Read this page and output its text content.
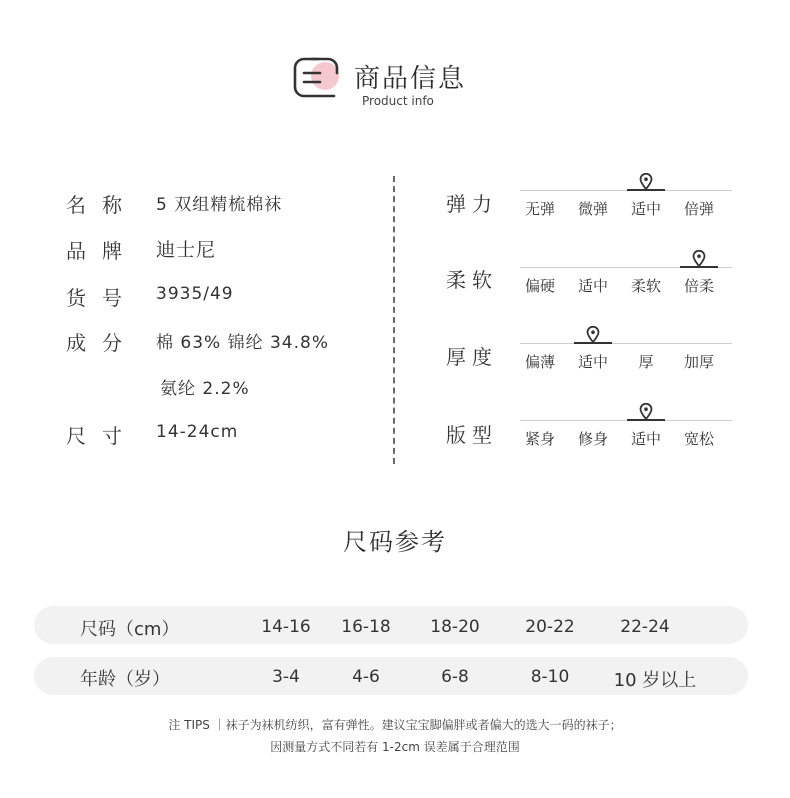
商品信息
Product info
名称 5 双组精梳棉袜
品牌 迪士尼
货号 3935/49
成分 棉 63% 锦纶 34.8%
氨纶 2.2%
尺寸 14-24cm
弹力	无弹	微弹	适中	倍弹
柔软	偏硬	适中	柔软	倍柔
厚度	偏薄	适中	厚	加厚
版型	紧身	修身	适中	宽松
尺码参考
尺码（cm）	14-16	16-18	18-20	20-22	22-24
年龄（岁）	3-4	4-6	6-8	8-10	10 岁以上
注 TIPS ｜袜子为袜机纺织，富有弹性。建议宝宝脚偏胖或者偏大的选大一码的袜子；
因测量方式不同若有 1-2cm 误差属于合理范围
